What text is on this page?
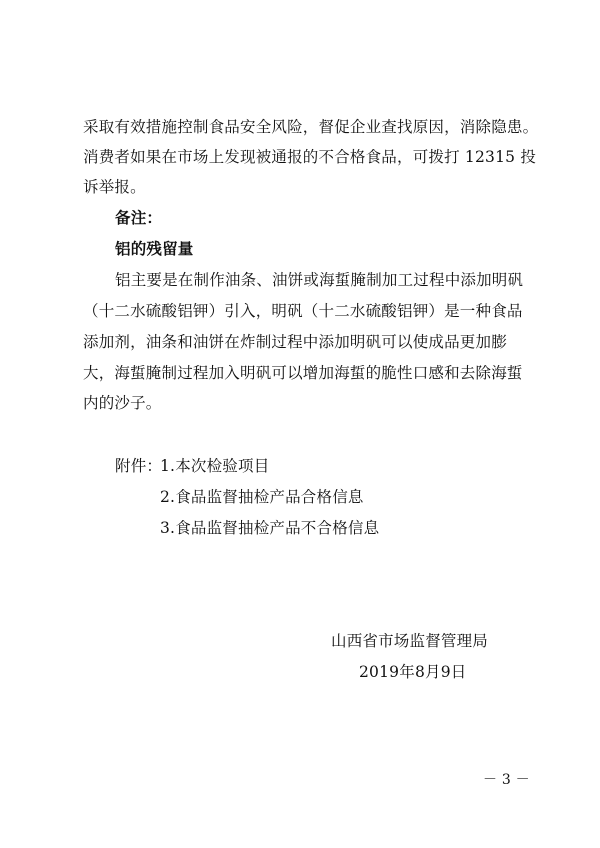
采取有效措施控制食品安全风险，督促企业查找原因，消除隐患。
消费者如果在市场上发现被通报的不合格食品，可拨打 12315 投
诉举报。
备注：
铝的残留量
铝主要是在制作油条、油饼或海蜇腌制加工过程中添加明矾
（十二水硫酸铝钾）引入，明矾（十二水硫酸铝钾）是一种食品
添加剂，油条和油饼在炸制过程中添加明矾可以使成品更加膨
大，海蜇腌制过程加入明矾可以增加海蜇的脆性口感和去除海蜇
内的沙子。
附件：
1.本次检验项目
2.食品监督抽检产品合格信息
3.食品监督抽检产品不合格信息
山西省市场监督管理局
2019年8月9日
－ 3 －
